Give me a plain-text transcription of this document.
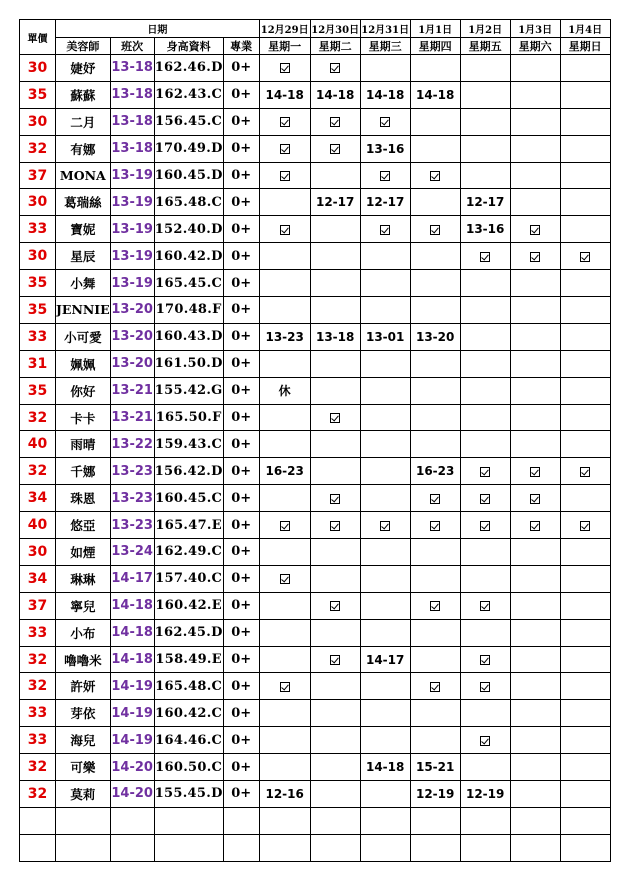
單價	日期				12月29日	12月30日	12月31日	1月1日	1月2日	1月3日	1月4日
	美容師	班次	身高資料	專業	星期一	星期二	星期三	星期四	星期五	星期六	星期日
30	婕妤	13-18	162.46.D	0+							
35	蘇蘇	13-18	162.43.C	0+	14-18	14-18	14-18	14-18			
30	二月	13-18	156.45.C	0+							
32	有娜	13-18	170.49.D	0+			13-16				
37	MONA	13-19	160.45.D	0+							
30	葛瑞絲	13-19	165.48.C	0+		12-17	12-17		12-17		
33	寶妮	13-19	152.40.D	0+					13-16		
30	星辰	13-19	160.42.D	0+							
35	小舞	13-19	165.45.C	0+							
35	JENNIE	13-20	170.48.F	0+							
33	小可愛	13-20	160.43.D	0+	13-23	13-18	13-01	13-20			
31	姵姵	13-20	161.50.D	0+							
35	你好	13-21	155.42.G	0+	休						
32	卡卡	13-21	165.50.F	0+							
40	雨晴	13-22	159.43.C	0+							
32	千娜	13-23	156.42.D	0+	16-23			16-23			
34	珠恩	13-23	160.45.C	0+							
40	悠亞	13-23	165.47.E	0+							
30	如煙	13-24	162.49.C	0+							
34	琳琳	14-17	157.40.C	0+							
37	寧兒	14-18	160.42.E	0+							
33	小布	14-18	162.45.D	0+							
32	嚕嚕米	14-18	158.49.E	0+			14-17				
32	許妍	14-19	165.48.C	0+							
33	芽依	14-19	160.42.C	0+							
33	海兒	14-19	164.46.C	0+							
32	可樂	14-20	160.50.C	0+			14-18	15-21			
32	莫莉	14-20	155.45.D	0+	12-16			12-19	12-19		
